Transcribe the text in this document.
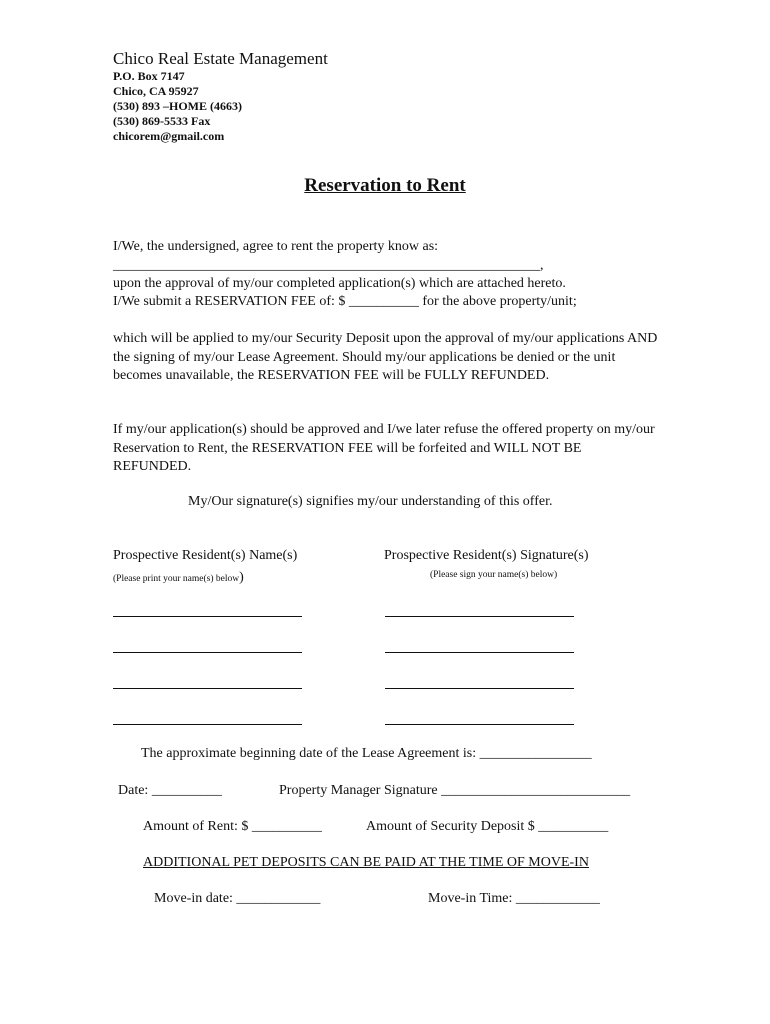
Chico Real Estate Management
P.O. Box 7147
Chico, CA 95927
(530) 893 –HOME (4663)
(530) 869-5533 Fax
chicorem@gmail.com
Reservation to Rent
I/We, the undersigned, agree to rent the property know as:
_____________________________________________________________,
upon the approval of my/our completed application(s) which are attached hereto.
I/We submit a RESERVATION FEE of: $ __________ for the above property/unit;
which will be applied to my/our Security Deposit upon the approval of my/our applications AND the signing of my/our Lease Agreement. Should my/our applications be denied or the unit becomes unavailable, the RESERVATION FEE will be FULLY REFUNDED.
If my/our application(s) should be approved and I/we later refuse the offered property on my/our Reservation to Rent, the RESERVATION FEE will be forfeited and WILL NOT BE REFUNDED.
My/Our signature(s) signifies my/our understanding of this offer.
Prospective Resident(s) Name(s)
(Please print your name(s) below)
Prospective Resident(s) Signature(s)
(Please sign your name(s) below)
The approximate beginning date of the Lease Agreement is: ________________
Date: __________	Property Manager Signature ___________________________
Amount of Rent: $ __________	Amount of Security Deposit $ __________
ADDITIONAL PET DEPOSITS CAN BE PAID AT THE TIME OF MOVE-IN
Move-in date: ____________	Move-in Time: ____________
